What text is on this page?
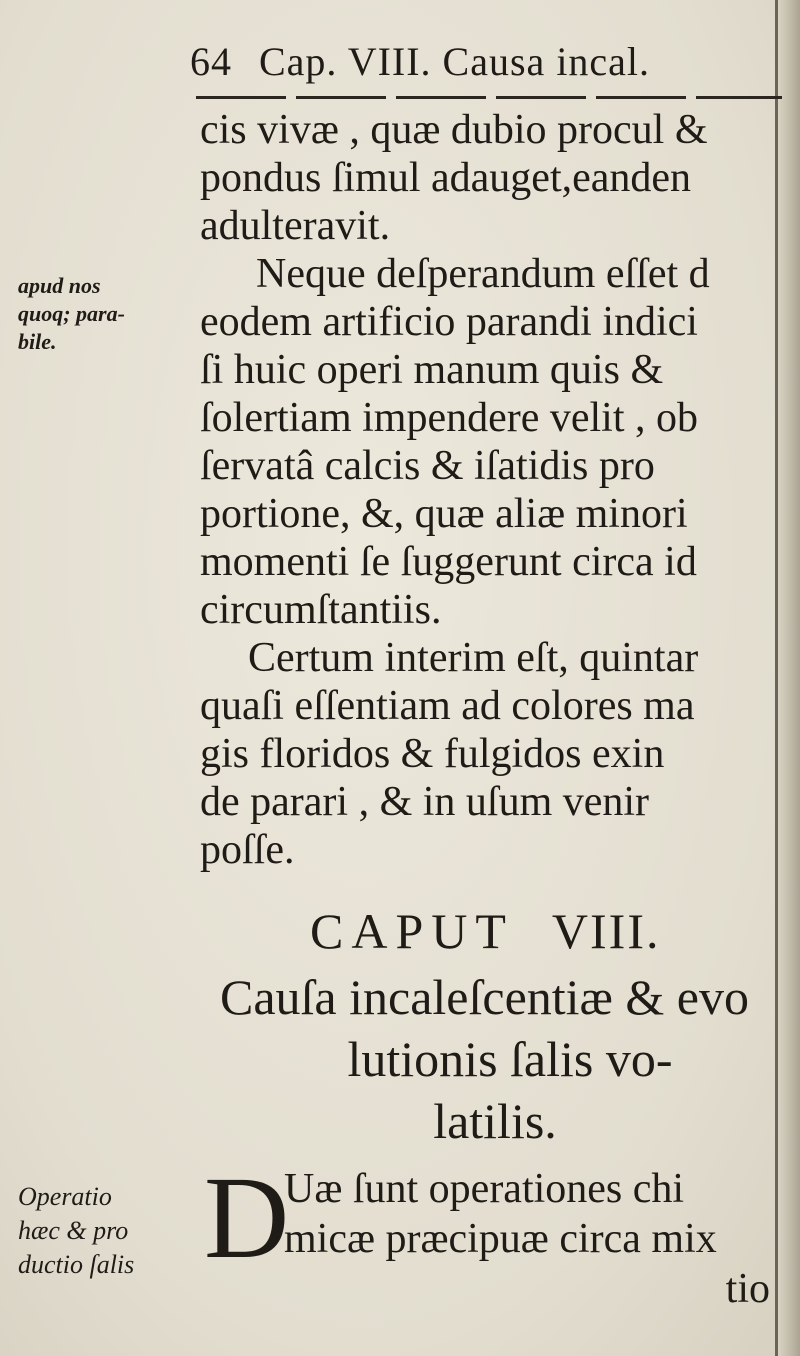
64 Cap. VIII. Causa incal.
apud nos
quoq; para-
bile.
cis vivæ , quæ dubio procul &
pondus ſimul adauget,eanden
adulteravit.
Neque deſperandum eſſet d
eodem artificio parandi indici
ſi huic operi manum quis &
ſolertiam impendere velit , ob
ſervatâ calcis & iſatidis pro
portione, &, quæ aliæ minori
momenti ſe ſuggerunt circa id
circumſtantiis.
Certum interim eſt, quintar
quaſi eſſentiam ad colores ma
gis floridos & fulgidos exin
de parari , & in uſum venir
poſſe.
CAPUT VIII.
Cauſa incaleſcentiæ & evo
lutionis ſalis vo-
latilis.
Operatio
hæc & pro
ductio ſalis D
Uæ ſunt operationes chi
micæ præcipuæ circa mix
tio
